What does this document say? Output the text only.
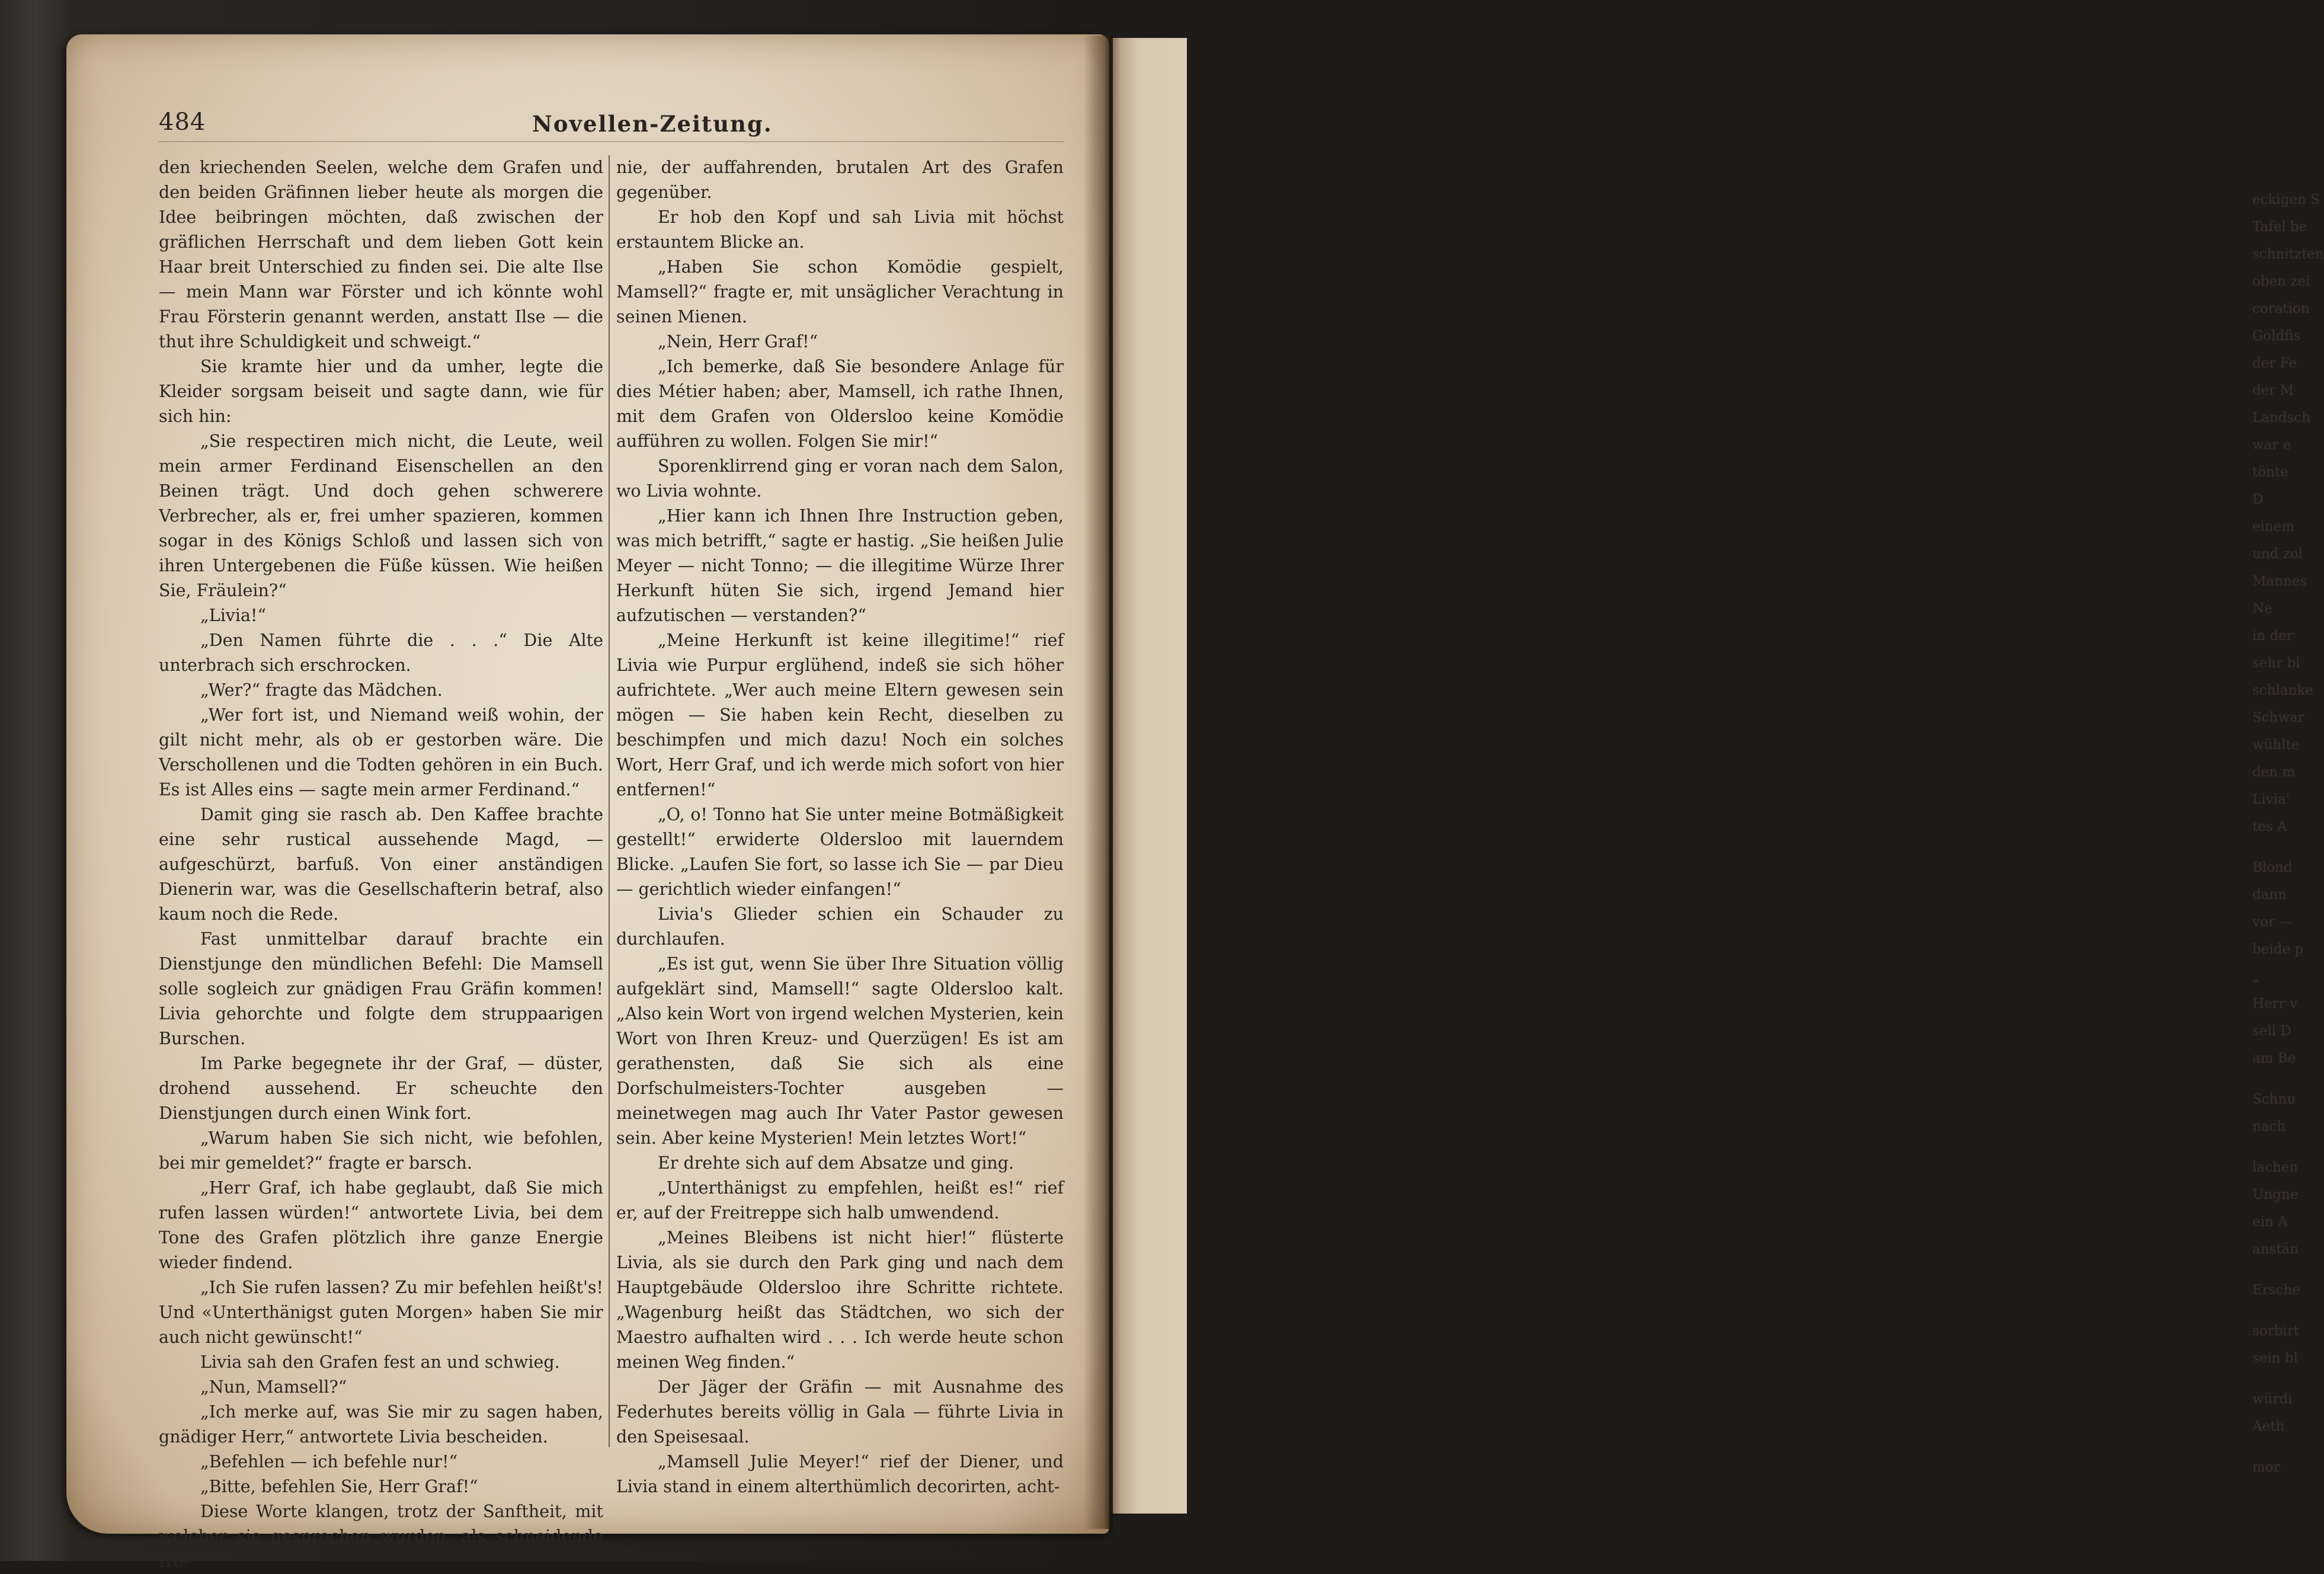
eckigen S
Tafel be
schnitzten
oben zei
coration
Goldfis
der Fe
der M
Landsch
war e
tönte
D
einem
und zol
Mannes
Ne
in der
sehr bl
schlanke
Schwar
wühlte
den m
Livia'
tes A
Blond
dann
vor —
beide p
„
Herr v
sell D
am Be
Schnu
nach
lachen
Ungne
ein A
anstän
Ersche
sorbirt
sein bl
würdi
Aeth
mor
484	Novellen-Zeitung.

den kriechenden Seelen, welche dem Grafen und den beiden Gräfinnen lieber heute als morgen die Idee beibringen möchten, daß zwischen der gräflichen Herrschaft und dem lieben Gott kein Haar breit Unterschied zu finden sei. Die alte Ilse — mein Mann war Förster und ich könnte wohl Frau Försterin genannt werden, anstatt Ilse — die thut ihre Schuldigkeit und schweigt.“

Sie kramte hier und da umher, legte die Kleider sorgsam beiseit und sagte dann, wie für sich hin:

„Sie respectiren mich nicht, die Leute, weil mein armer Ferdinand Eisenschellen an den Beinen trägt. Und doch gehen schwerere Verbrecher, als er, frei umher spazieren, kommen sogar in des Königs Schloß und lassen sich von ihren Untergebenen die Füße küssen. Wie heißen Sie, Fräulein?“

„Livia!“

„Den Namen führte die . . .“ Die Alte unterbrach sich erschrocken.

„Wer?“ fragte das Mädchen.

„Wer fort ist, und Niemand weiß wohin, der gilt nicht mehr, als ob er gestorben wäre. Die Verschollenen und die Todten gehören in ein Buch. Es ist Alles eins — sagte mein armer Ferdinand.“

Damit ging sie rasch ab. Den Kaffee brachte eine sehr rustical aussehende Magd, — aufgeschürzt, barfuß. Von einer anständigen Dienerin war, was die Gesellschafterin betraf, also kaum noch die Rede.

Fast unmittelbar darauf brachte ein Dienstjunge den mündlichen Befehl: Die Mamsell solle sogleich zur gnädigen Frau Gräfin kommen! Livia gehorchte und folgte dem struppaarigen Burschen.

Im Parke begegnete ihr der Graf, — düster, drohend aussehend. Er scheuchte den Dienstjungen durch einen Wink fort.

„Warum haben Sie sich nicht, wie befohlen, bei mir gemeldet?“ fragte er barsch.

„Herr Graf, ich habe geglaubt, daß Sie mich rufen lassen würden!“ antwortete Livia, bei dem Tone des Grafen plötzlich ihre ganze Energie wieder findend.

„Ich Sie rufen lassen? Zu mir befehlen heißt's! Und «Unterthänigst guten Morgen» haben Sie mir auch nicht gewünscht!“

Livia sah den Grafen fest an und schwieg.

„Nun, Mamsell?“

„Ich merke auf, was Sie mir zu sagen haben, gnädiger Herr,“ antwortete Livia bescheiden.

„Befehlen — ich befehle nur!“

„Bitte, befehlen Sie, Herr Graf!“

Diese Worte klangen, trotz der Sanftheit, mit welcher sie gesprochen wurden, als schneidende Iro-

nie, der auffahrenden, brutalen Art des Grafen gegenüber.

Er hob den Kopf und sah Livia mit höchst erstauntem Blicke an.

„Haben Sie schon Komödie gespielt, Mamsell?“ fragte er, mit unsäglicher Verachtung in seinen Mienen.

„Nein, Herr Graf!“

„Ich bemerke, daß Sie besondere Anlage für dies Métier haben; aber, Mamsell, ich rathe Ihnen, mit dem Grafen von Oldersloo keine Komödie aufführen zu wollen. Folgen Sie mir!“

Sporenklirrend ging er voran nach dem Salon, wo Livia wohnte.

„Hier kann ich Ihnen Ihre Instruction geben, was mich betrifft,“ sagte er hastig. „Sie heißen Julie Meyer — nicht Tonno; — die illegitime Würze Ihrer Herkunft hüten Sie sich, irgend Jemand hier aufzutischen — verstanden?“

„Meine Herkunft ist keine illegitime!“ rief Livia wie Purpur erglühend, indeß sie sich höher aufrichtete. „Wer auch meine Eltern gewesen sein mögen — Sie haben kein Recht, dieselben zu beschimpfen und mich dazu! Noch ein solches Wort, Herr Graf, und ich werde mich sofort von hier entfernen!“

„O, o! Tonno hat Sie unter meine Botmäßigkeit gestellt!“ erwiderte Oldersloo mit lauerndem Blicke. „Laufen Sie fort, so lasse ich Sie — par Dieu — gerichtlich wieder einfangen!“

Livia's Glieder schien ein Schauder zu durchlaufen.

„Es ist gut, wenn Sie über Ihre Situation völlig aufgeklärt sind, Mamsell!“ sagte Oldersloo kalt. „Also kein Wort von irgend welchen Mysterien, kein Wort von Ihren Kreuz- und Querzügen! Es ist am gerathensten, daß Sie sich als eine Dorfschulmeisters-Tochter ausgeben — meinetwegen mag auch Ihr Vater Pastor gewesen sein. Aber keine Mysterien! Mein letztes Wort!“

Er drehte sich auf dem Absatze und ging.

„Unterthänigst zu empfehlen, heißt es!“ rief er, auf der Freitreppe sich halb umwendend.

„Meines Bleibens ist nicht hier!“ flüsterte Livia, als sie durch den Park ging und nach dem Hauptgebäude Oldersloo ihre Schritte richtete. „Wagenburg heißt das Städtchen, wo sich der Maestro aufhalten wird . . . Ich werde heute schon meinen Weg finden.“

Der Jäger der Gräfin — mit Ausnahme des Federhutes bereits völlig in Gala — führte Livia in den Speisesaal.

„Mamsell Julie Meyer!“ rief der Diener, und Livia stand in einem alterthümlich decorirten, acht-
